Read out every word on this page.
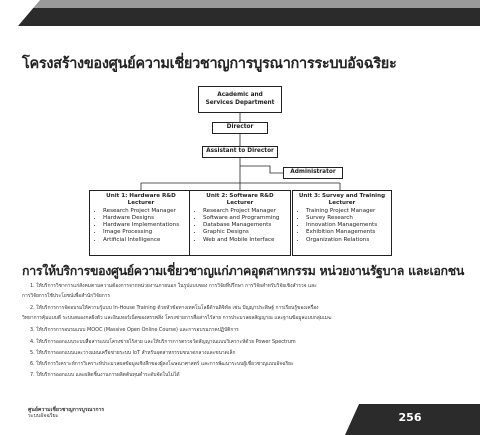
โครงสร้างของศูนย์ความเชี่ยวชาญการบูรณาการระบบอัจฉริยะ
Academic and Services Department
Director
Assistant to Director
Administrator
Unit 1: Hardware R&D Lecturer
• Research Project Manager
• Hardware Designs
• Hardware Implementations
• Image Processing
• Artificial Intelligence
Unit 2: Software R&D Lecturer
• Research Project Manager
• Software and Programming
• Database Managements
• Graphic Designs
• Web and Mobile Interface
Unit 3: Survey and Training Lecturer
• Training Project Manager
• Survey Research
• Innovation Managements
• Exhibition Managements
• Organization Relations
การให้บริการของศูนย์ความเชี่ยวชาญแก่ภาคอุตสาหกรรม หน่วยงานรัฐบาล และเอกชน
1. ให้บริการวิชาการแก่สังคมตามความต้องการจากหน่วยงานภายนอก ในรูปแบบของ การวิจัยที่ปรึกษา การวิจัยสำหรับวิจัยเชิงสำรวจ และ
การวิจัยการใช้ประโยชน์เพื่อสำนักวิจัยการ
2. ให้บริการการจัดอบรมให้ความรู้แบบ In-House Training ด้วยหัวข้อทางเทคโนโลยีด้านดิจิทัล เช่น ปัญญาประดิษฐ์ การเรียนรู้ของเครื่อง
วิทยาการคุ้มแบบตี ระบบสมองกลฝังตัว และอินเทอร์เน็ตของสรรพสิ่ง โครงข่ายการสื่อสารไร้สาย การประมวลผลสัญญาณ และฐานข้อมูลแบบกลุ่มเมฆ
3. ให้บริการการอบรมแบบ MOOC (Massive Open Online Course) และการอบรมภาคปฏิบัติการ
4. ให้บริการออกแบบระบบสื่อสารแบบโครงข่ายไร้สาย และให้บริการการตรวจวัดสัญญาณแบบวิเคราะห์ด้วย Power Spectrum
5. ให้บริการออกแบบและวางแผนเครือข่ายระบบ IoT สำหรับอุตสาหกรรมขนาดกลางและขนาดเล็ก
6. ให้บริการวิเคราะห์การวิเคราะห์ประมวลผลข้อมูลเชิงลึกของผู้ลงโฆษณาศาสตร์ และการพัฒนาระบบผู้เชี่ยวชาญแบบอัจฉริยะ
7. ให้บริการออกแบบ และผลิตชิ้นงานการผลิตต้นทุนต่ำระดับจัดในไม่ได้
ศูนย์ความเชี่ยวชาญการบูรณาการ
ระบบอัจฉริยะ	256
